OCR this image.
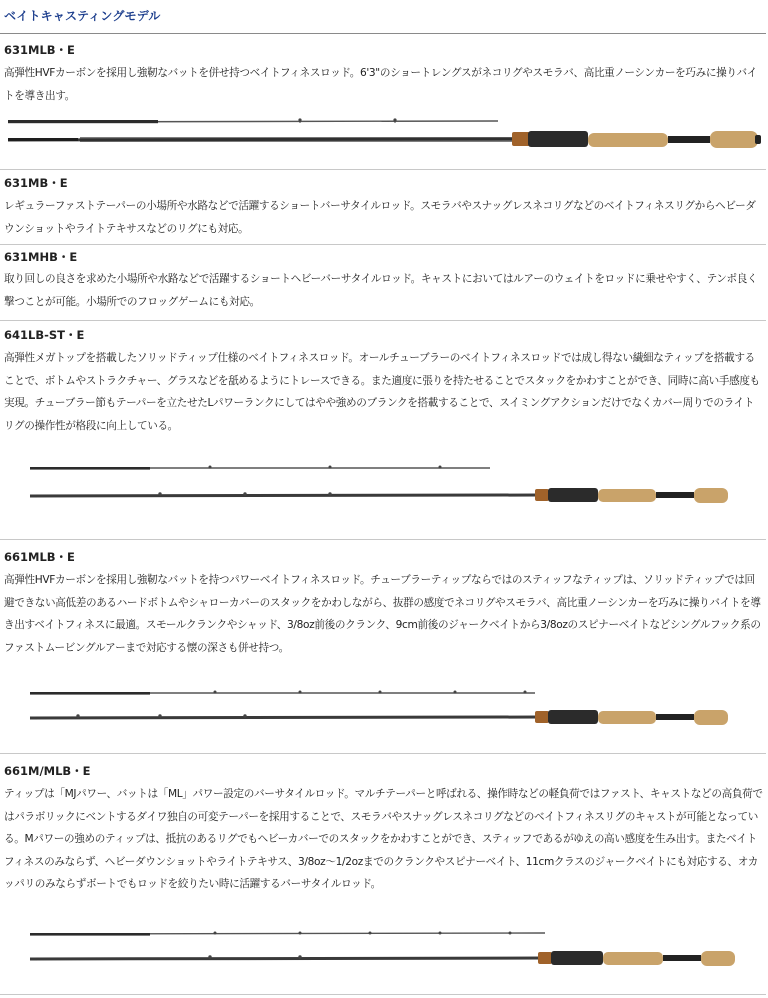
ベイトキャスティングモデル
631MLB・E
高弾性HVFカーボンを採用し強靭なバットを併せ持つベイトフィネスロッド。6'3"のショートレングスがネコリグやスモラバ、高比重ノーシンカーを巧みに操りバイトを導き出す。
631MB・E
レギュラーファストテーパーの小場所や水路などで活躍するショートバーサタイルロッド。スモラバやスナッグレスネコリグなどのベイトフィネスリグからヘビーダウンショットやライトテキサスなどのリグにも対応。
631MHB・E
取り回しの良さを求めた小場所や水路などで活躍するショートヘビーバーサタイルロッド。キャストにおいてはルアーのウェイトをロッドに乗せやすく、テンポ良く撃つことが可能。小場所でのフロッグゲームにも対応。
641LB-ST・E
高弾性メガトップを搭載したソリッドティップ仕様のベイトフィネスロッド。オールチューブラーのベイトフィネスロッドでは成し得ない繊細なティップを搭載することで、ボトムやストラクチャー、グラスなどを舐めるようにトレースできる。また適度に張りを持たせることでスタックをかわすことができ、同時に高い手感度も実現。チューブラー節もテーパーを立たせたLパワーランクにしてはやや強めのブランクを搭載することで、スイミングアクションだけでなくカバー周りでのライトリグの操作性が格段に向上している。
661MLB・E
高弾性HVFカーボンを採用し強靭なバットを持つパワーベイトフィネスロッド。チューブラーティップならではのスティッフなティップは、ソリッドティップでは回避できない高低差のあるハードボトムやシャローカバーのスタックをかわしながら、抜群の感度でネコリグやスモラバ、高比重ノーシンカーを巧みに操りバイトを導き出すベイトフィネスに最適。スモールクランクやシャッド、3/8oz前後のクランク、9cm前後のジャークベイトから3/8ozのスピナーベイトなどシングルフック系のファストムービングルアーまで対応する懐の深さも併せ持つ。
661M/MLB・E
ティップは「MJパワー、バットは「ML」パワー設定のバーサタイルロッド。マルチテーパーと呼ばれる、操作時などの軽負荷ではファスト、キャストなどの高負荷ではパラボリックにベントするダイワ独自の可変テーパーを採用することで、スモラバやスナッグレスネコリグなどのベイトフィネスリグのキャストが可能となっている。Mパワーの強めのティップは、抵抗のあるリグでもヘビーカバーでのスタックをかわすことができ、スティッフであるがゆえの高い感度を生み出す。またベイトフィネスのみならず、ヘビーダウンショットやライトテキサス、3/8oz～1/2ozまでのクランクやスピナーベイト、11cmクラスのジャークベイトにも対応する、オカッパリのみならずボートでもロッドを絞りたい時に活躍するバーサタイルロッド。
